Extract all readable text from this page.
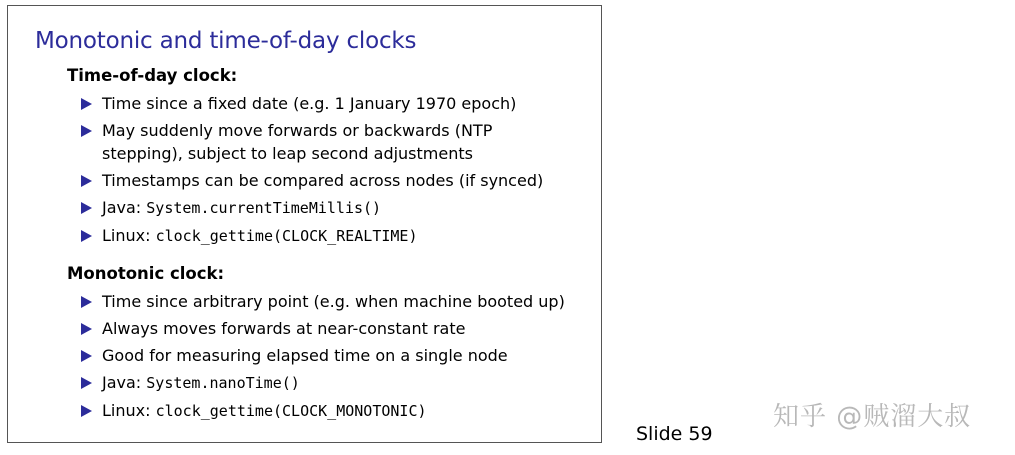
Monotonic and time-of-day clocks
Time-of-day clock:
Time since a fixed date (e.g. 1 January 1970 epoch)
May suddenly move forwards or backwards (NTP
stepping), subject to leap second adjustments
Timestamps can be compared across nodes (if synced)
Java: System.currentTimeMillis()
Linux: clock_gettime(CLOCK_REALTIME)
Monotonic clock:
Time since arbitrary point (e.g. when machine booted up)
Always moves forwards at near-constant rate
Good for measuring elapsed time on a single node
Java: System.nanoTime()
Linux: clock_gettime(CLOCK_MONOTONIC)
Slide 59
知乎 @贼溜大叔
